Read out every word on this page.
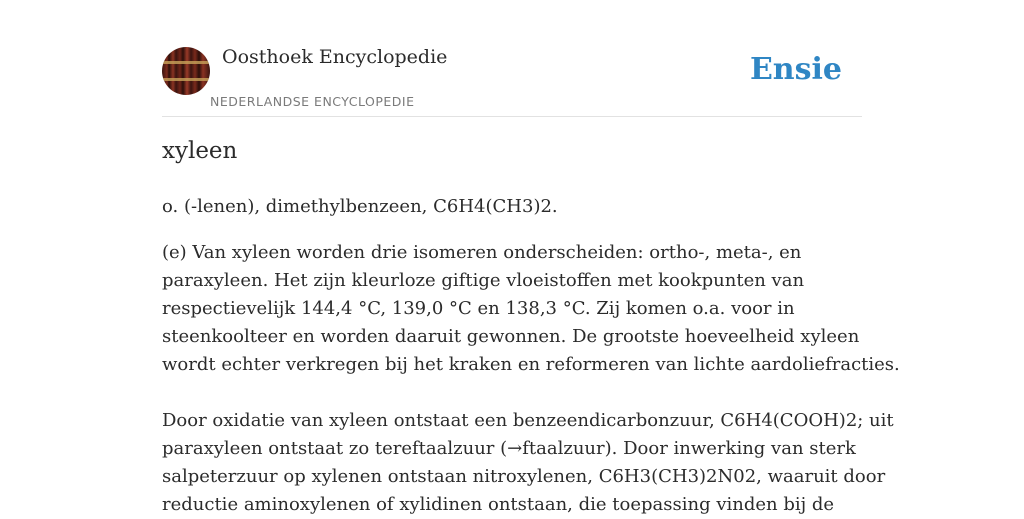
Oosthoek Encyclopedie
NEDERLANDSE ENCYCLOPEDIE
Ensie
xyleen

o. (-lenen), dimethylbenzeen, C6H4(CH3)2.

(e) Van xyleen worden drie isomeren onderscheiden: ortho-, meta-, en
paraxyleen. Het zijn kleurloze giftige vloeistoffen met kookpunten van
respectievelijk 144,4 °C, 139,0 °C en 138,3 °C. Zij komen o.a. voor in
steenkoolteer en worden daaruit gewonnen. De grootste hoeveelheid xyleen
wordt echter verkregen bij het kraken en reformeren van lichte aardoliefracties.
Door oxidatie van xyleen ontstaat een benzeendicarbonzuur, C6H4(COOH)2; uit
paraxyleen ontstaat zo tereftaalzuur (→ftaalzuur). Door inwerking van sterk
salpeterzuur op xylenen ontstaan nitroxylenen, C6H3(CH3)2N02, waaruit door
reductie aminoxylenen of xylidinen ontstaan, die toepassing vinden bij de
